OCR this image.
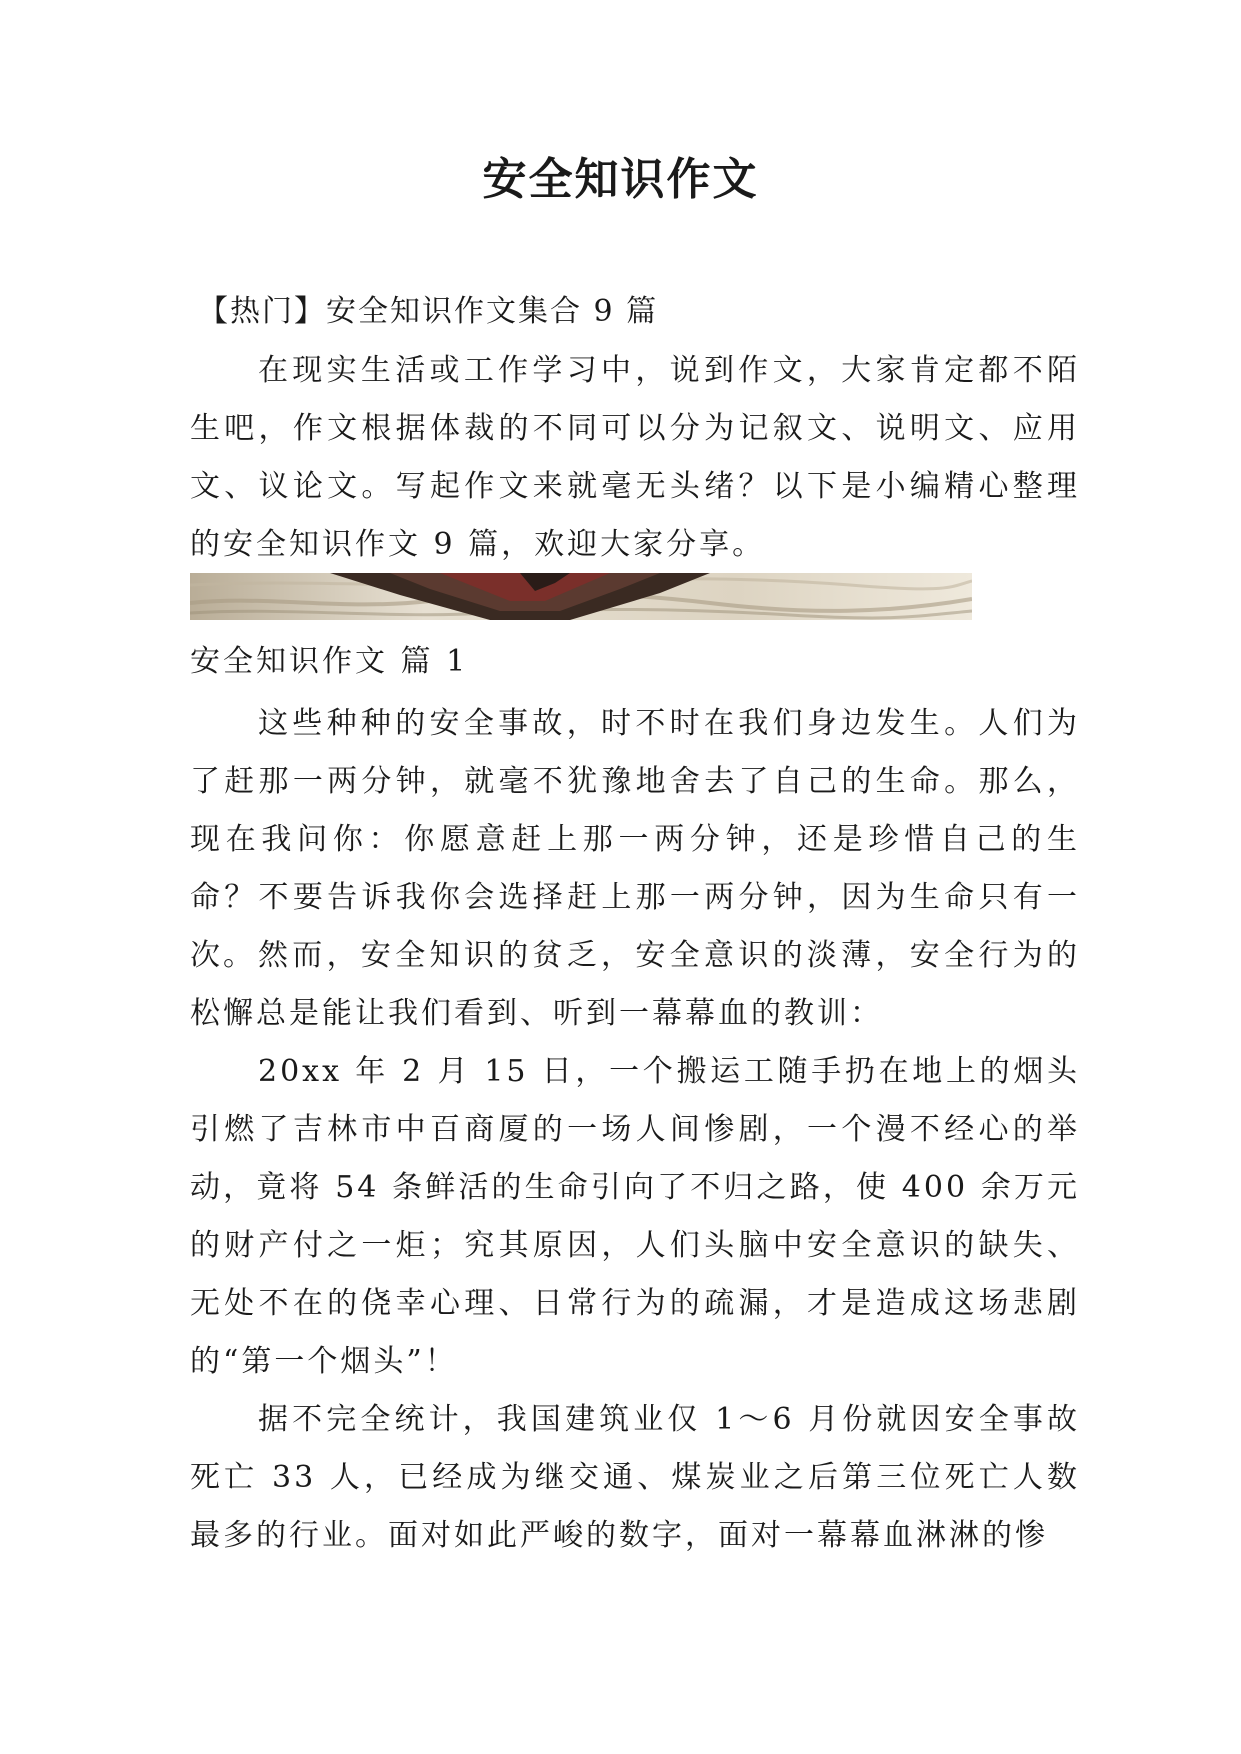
安全知识作文
【热门】安全知识作文集合 9 篇

在现实生活或工作学习中，说到作文，大家肯定都不陌生吧，作文根据体裁的不同可以分为记叙文、说明文、应用文、议论文。写起作文来就毫无头绪？以下是小编精心整理的安全知识作文 9 篇，欢迎大家分享。

安全知识作文 篇 1

这些种种的安全事故，时不时在我们身边发生。人们为了赶那一两分钟，就毫不犹豫地舍去了自己的生命。那么，现在我问你：你愿意赶上那一两分钟，还是珍惜自己的生命？不要告诉我你会选择赶上那一两分钟，因为生命只有一次。 然而，安全知识的贫乏，安全意识的淡薄，安全行为的松懈总是能让我们看到、听到一幕幕血的教训：

20xx 年 2 月 15 日，一个搬运工随手扔在地上的烟头引燃了吉林市中百商厦的一场人间惨剧，一个漫不经心的举动，竟将 54 条鲜活的生命引向了不归之路，使 400 余万元的财产付之一炬；究其原因，人们头脑中安全意识的缺失、无处不在的侥幸心理、日常行为的疏漏，才是造成这场悲剧的“第一个烟头”！

据不完全统计，我国建筑业仅 1～6 月份就因安全事故死亡 33 人，已经成为继交通、煤炭业之后第三位死亡人数最多的行业。面对如此严峻的数字，面对一幕幕血淋淋的惨
